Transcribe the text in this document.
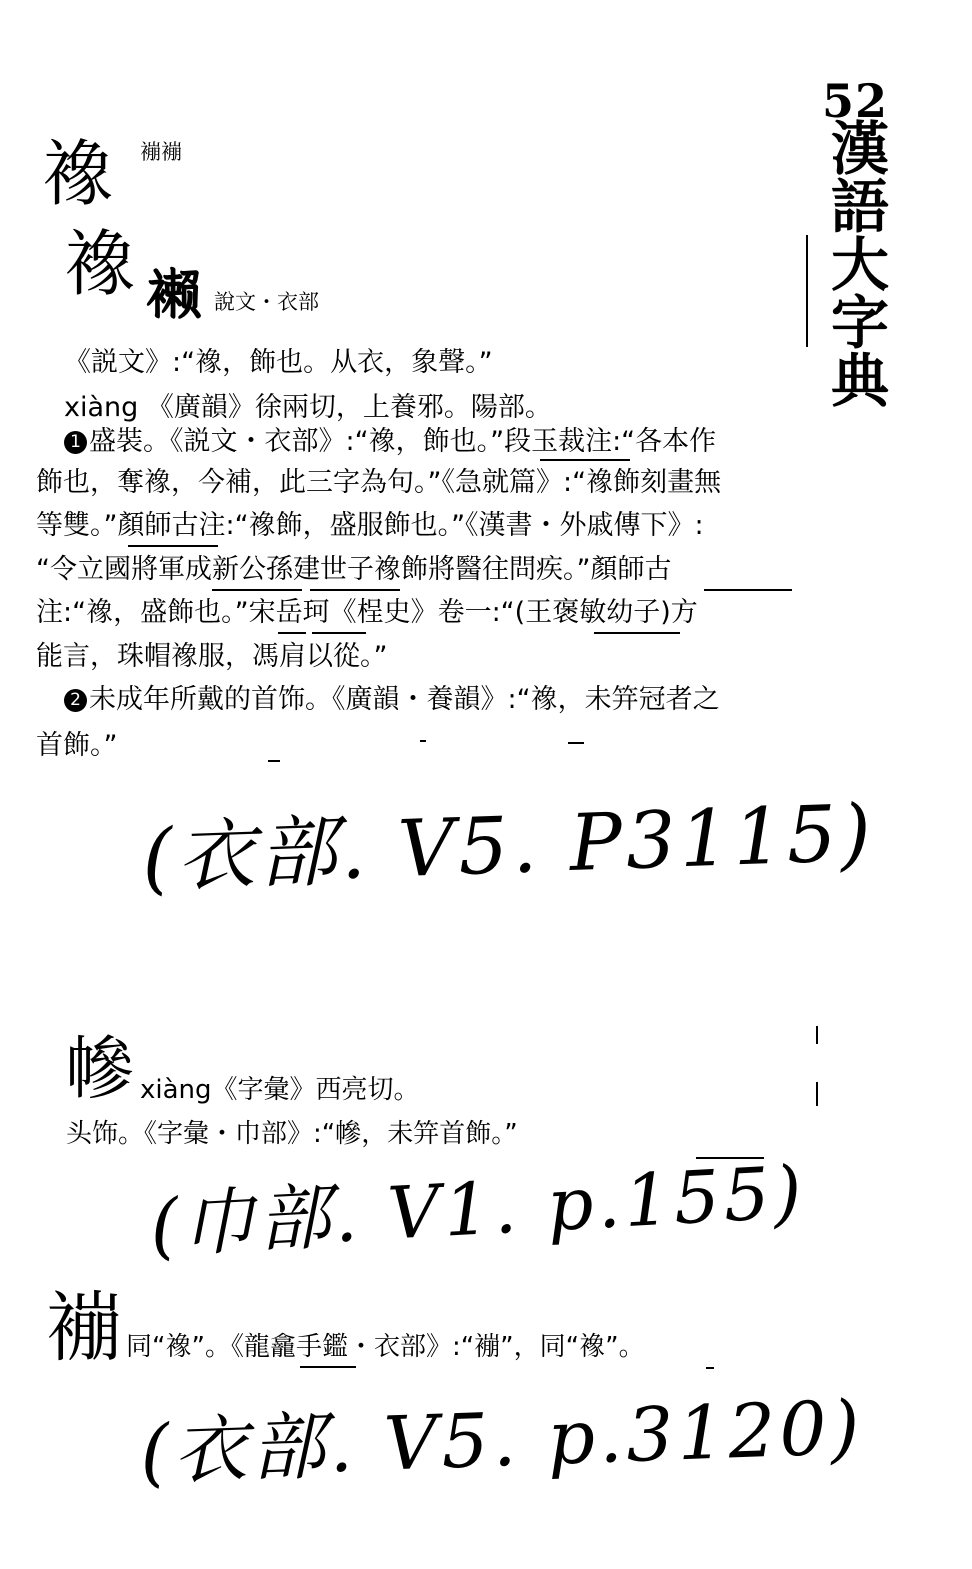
52
漢語大字典
襐 䙖䙖
襐 𧝝 說文・衣部
《説文》:“襐，飾也。从衣，象聲。”
xiàng 《廣韻》徐兩切，上養邪。陽部。
1 盛裝。《説文・衣部》:“襐，飾也。”段玉裁注:“各本作
飾也，奪襐，今補，此三字為句。”《急就篇》:“襐飾刻畫無
等雙。”顏師古注:“襐飾，盛服飾也。”《漢書・外戚傳下》:
“令立國將軍成新公孫建世子襐飾將醫往問疾。”顏師古
注:“襐，盛飾也。”宋岳珂《桯史》卷一:“(王褒敏幼子)方
能言，珠帽襐服，馮肩以從。”
2 未成年所戴的首饰。《廣韻・養韻》:“襐，未笄冠者之
首飾。”
(衣部. V5. P3115)
幓 xiàng《字彙》西亮切。
头饰。《字彙・巾部》:“幓，未笄首飾。”
(巾部. V1. p.155)
䙖 同“襐”。《龍龕手鑑・衣部》:“䙖”，同“襐”。
(衣部. V5. p.3120)
